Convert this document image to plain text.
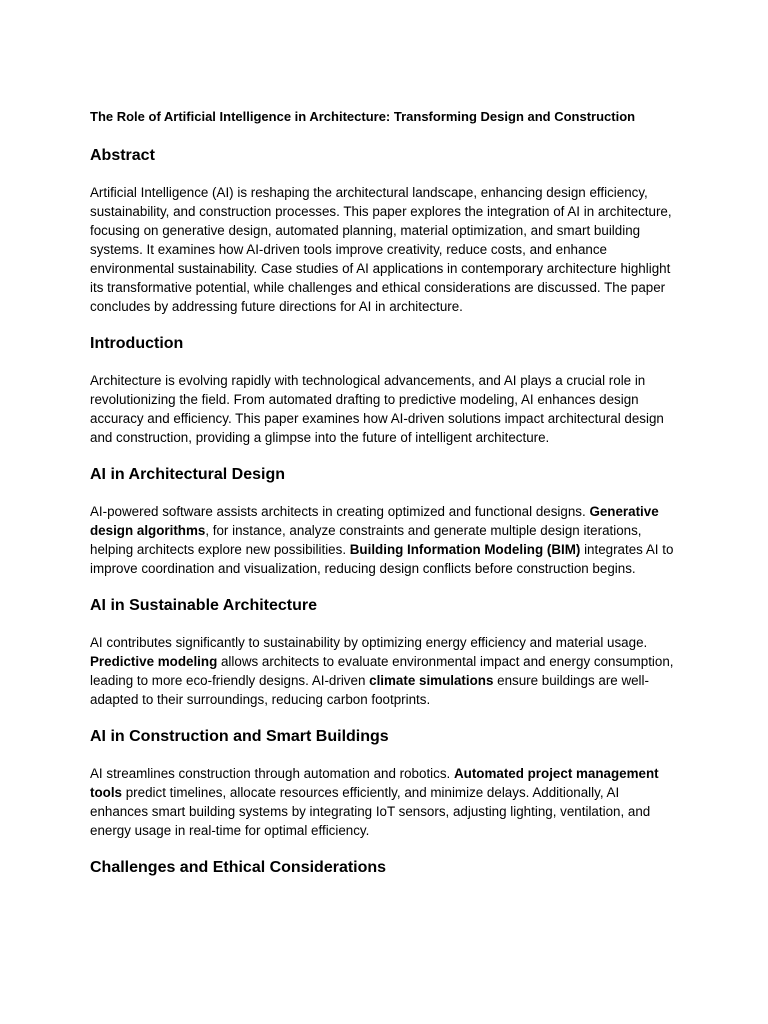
The Role of Artificial Intelligence in Architecture: Transforming Design and Construction
Abstract

Artificial Intelligence (AI) is reshaping the architectural landscape, enhancing design efficiency, sustainability, and construction processes. This paper explores the integration of AI in architecture, focusing on generative design, automated planning, material optimization, and smart building systems. It examines how AI-driven tools improve creativity, reduce costs, and enhance environmental sustainability. Case studies of AI applications in contemporary architecture highlight its transformative potential, while challenges and ethical considerations are discussed. The paper concludes by addressing future directions for AI in architecture.

Introduction

Architecture is evolving rapidly with technological advancements, and AI plays a crucial role in revolutionizing the field. From automated drafting to predictive modeling, AI enhances design accuracy and efficiency. This paper examines how AI-driven solutions impact architectural design and construction, providing a glimpse into the future of intelligent architecture.

AI in Architectural Design

AI-powered software assists architects in creating optimized and functional designs. Generative design algorithms, for instance, analyze constraints and generate multiple design iterations, helping architects explore new possibilities. Building Information Modeling (BIM) integrates AI to improve coordination and visualization, reducing design conflicts before construction begins.

AI in Sustainable Architecture

AI contributes significantly to sustainability by optimizing energy efficiency and material usage. Predictive modeling allows architects to evaluate environmental impact and energy consumption, leading to more eco-friendly designs. AI-driven climate simulations ensure buildings are well-adapted to their surroundings, reducing carbon footprints.

AI in Construction and Smart Buildings

AI streamlines construction through automation and robotics. Automated project management tools predict timelines, allocate resources efficiently, and minimize delays. Additionally, AI enhances smart building systems by integrating IoT sensors, adjusting lighting, ventilation, and energy usage in real-time for optimal efficiency.

Challenges and Ethical Considerations
